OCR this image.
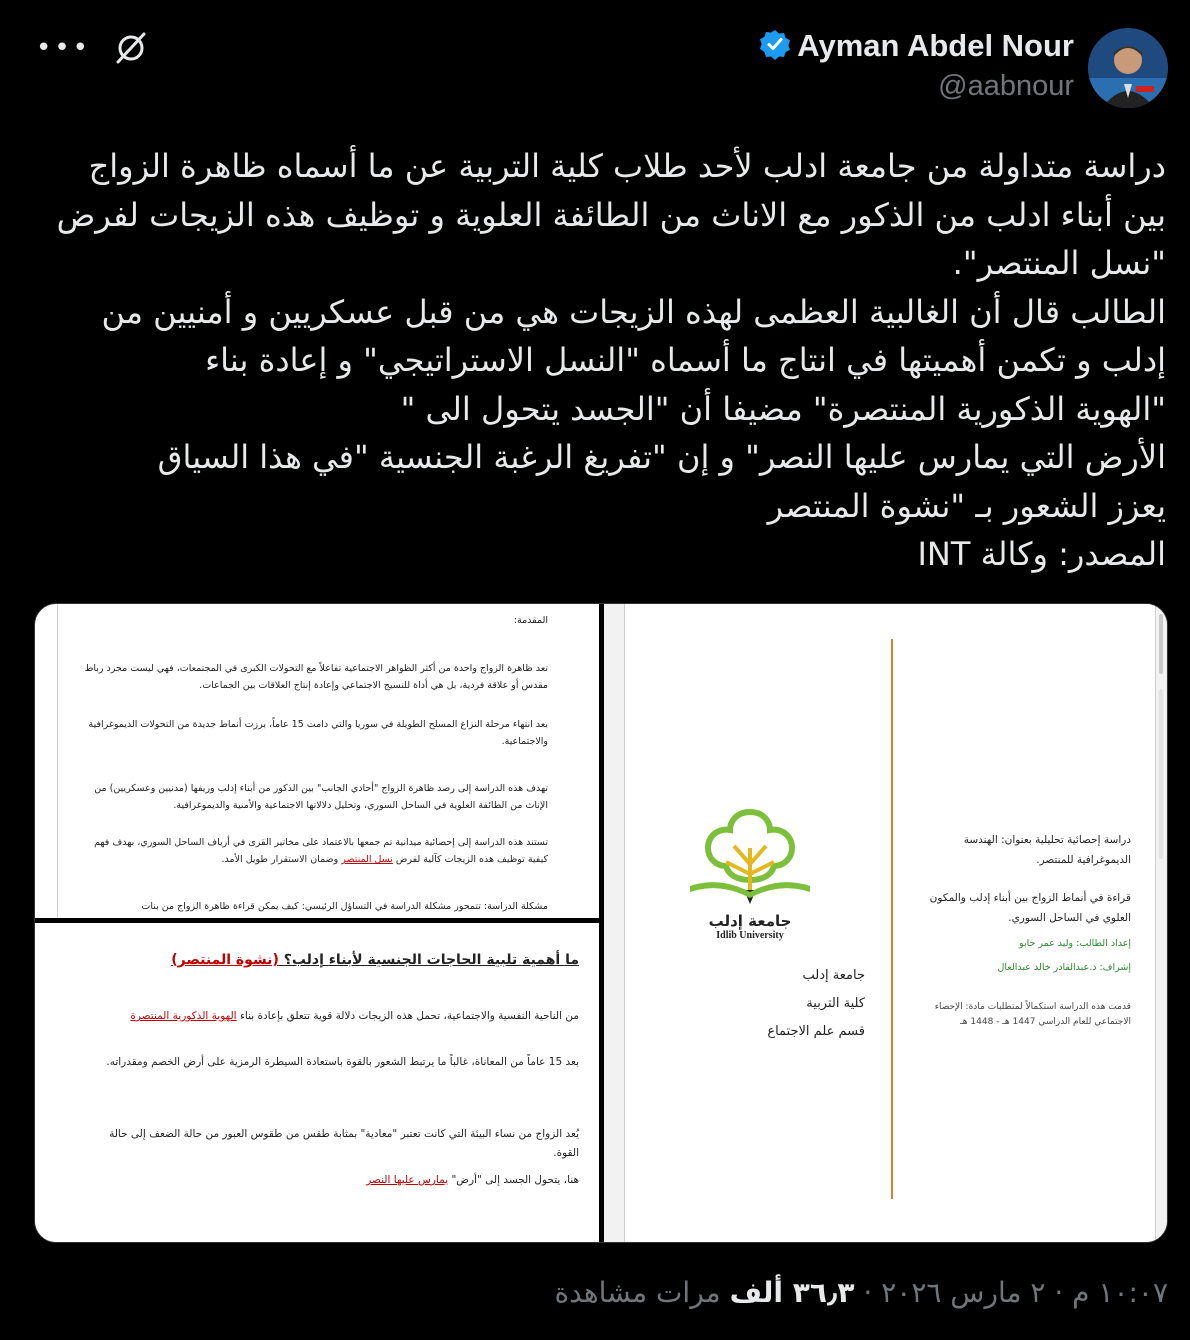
•••	Ayman Abdel Nour
@aabnour

دراسة متداولة من جامعة ادلب لأحد طلاب كلية التربية عن ما أسماه ظاهرة الزواج

بين أبناء ادلب من الذكور مع الاناث من الطائفة العلوية و توظيف هذه الزيجات لفرض

"نسل المنتصر".

الطالب قال أن الغالبية العظمى لهذه الزيجات هي من قبل عسكريين و أمنيين من

إدلب و تكمن أهميتها في انتاج ما أسماه "النسل الاستراتيجي" و إعادة بناء

"الهوية الذكورية المنتصرة" مضيفا أن "الجسد يتحول الى "

الأرض التي يمارس عليها النصر" و إن "تفريغ الرغبة الجنسية "في هذا السياق

يعزز الشعور بـ "نشوة المنتصر

المصدر: وكالة INT

المقدمة:

تعد ظاهرة الزواج واحدة من أكثر الظواهر الاجتماعية تفاعلاً مع التحولات الكبرى في المجتمعات، فهي ليست مجرد رباط مقدس أو علاقة فردية، بل هي أداة للنسيج الاجتماعي وإعادة إنتاج العلاقات بين الجماعات.

بعد انتهاء مرحلة النزاع المسلح الطويلة في سوريا والتي دامت 15 عاماً، برزت أنماط جديدة من التحولات الديموغرافية والاجتماعية.

تهدف هذه الدراسة إلى رصد ظاهرة الزواج "أحادي الجانب" بين الذكور من أبناء إدلب وريفها (مدنيين وعسكريين) من الإناث من الطائفة العلوية في الساحل السوري، وتحليل دلالاتها الاجتماعية والأمنية والديموغرافية.

تستند هذه الدراسة إلى إحصائية ميدانية تم جمعها بالاعتماد على مخاتير القرى في أرياف الساحل السوري، بهدف فهم كيفية توظيف هذه الزيجات كآلية لفرض نسل المنتصر وضمان الاستقرار طويل الأمد.

مشكلة الدراسة: تتمحور مشكلة الدراسة في التساؤل الرئيسي: كيف يمكن قراءة ظاهرة الزواج من بنات

ما أهمية تلبية الحاجات الجنسية لأبناء إدلب؟ (نشوة المنتصر)

من الناحية النفسية والاجتماعية، تحمل هذه الزيجات دلالة قوية تتعلق بإعادة بناء الهوية الذكورية المنتصرة

بعد 15 عاماً من المعاناة، غالباً ما يرتبط الشعور بالقوة باستعادة السيطرة الرمزية على أرض الخصم ومقدراته.

يُعد الزواج من نساء البيئة التي كانت تعتبر "معادية" بمثابة طقس من طقوس العبور من حالة الضعف إلى حالة القوة.

هنا، يتحول الجسد إلى "أرض" يمارس عليها النصر

جامعة إدلب
Idlib University

جامعة إدلب

كلية التربية

قسم علم الاجتماع

دراسة إحصائية تحليلية بعنوان: الهندسة الديموغرافية للمنتصر.

قراءة في أنماط الزواج بين أبناء إدلب والمكون العلوي في الساحل السوري.

إعداد الطالب: وليد عمر حابو

إشراف: د.عبدالقادر خالد عبدالعال

قدمت هذه الدراسة استكمالاً لمتطلبات مادة: الإحصاء الاجتماعي للعام الدراسي 1447 هـ - 1448 هـ

١٠:٠٧ م · ٢ مارس ٢٠٢٦ · ٣٦٫٣ ألف مرات مشاهدة
